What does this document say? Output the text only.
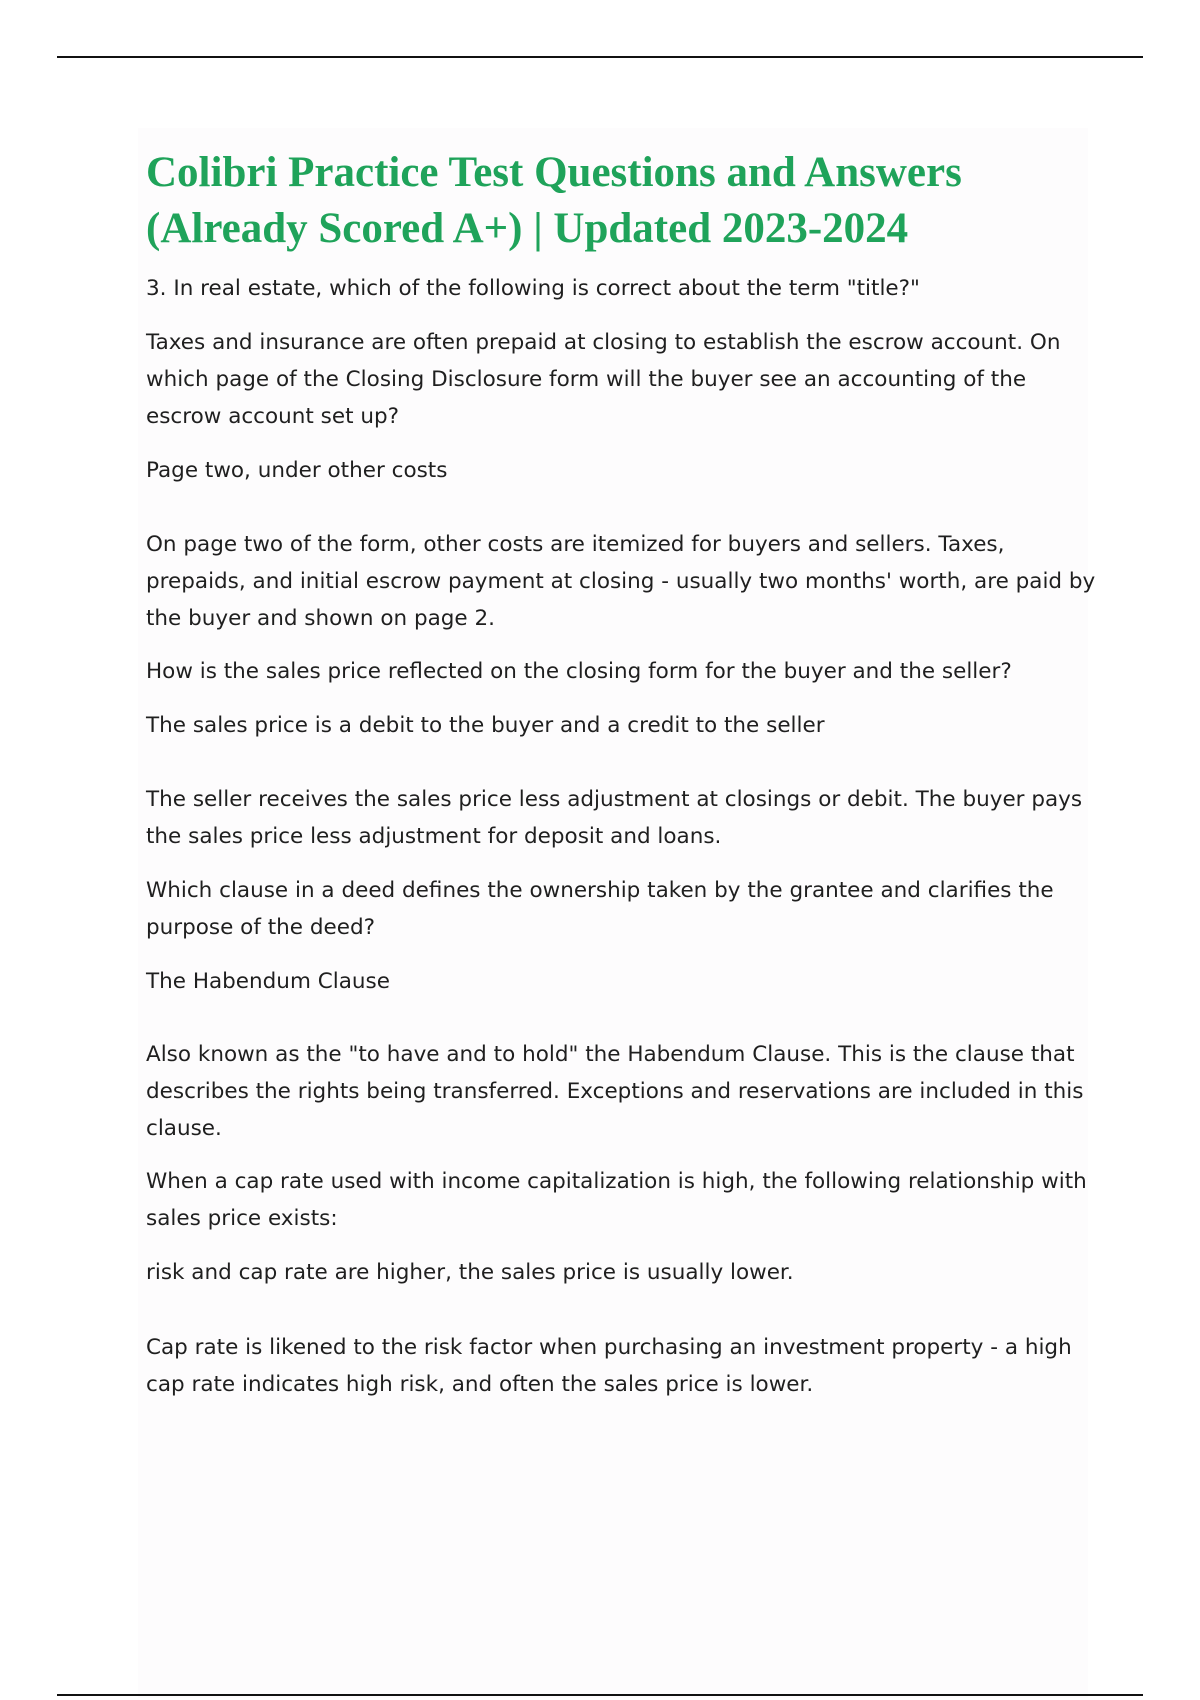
Colibri Practice Test Questions and Answers (Already Scored A+) | Updated 2023-2024

3. In real estate, which of the following is correct about the term "title?"

Taxes and insurance are often prepaid at closing to establish the escrow account. On which page of the Closing Disclosure form will the buyer see an accounting of the escrow account set up?

Page two, under other costs

On page two of the form, other costs are itemized for buyers and sellers. Taxes, prepaids, and initial escrow payment at closing - usually two months' worth, are paid by the buyer and shown on page 2.

How is the sales price reflected on the closing form for the buyer and the seller?

The sales price is a debit to the buyer and a credit to the seller

The seller receives the sales price less adjustment at closings or debit. The buyer pays the sales price less adjustment for deposit and loans.

Which clause in a deed defines the ownership taken by the grantee and clarifies the purpose of the deed?

The Habendum Clause

Also known as the "to have and to hold" the Habendum Clause. This is the clause that describes the rights being transferred. Exceptions and reservations are included in this clause.

When a cap rate used with income capitalization is high, the following relationship with sales price exists:

risk and cap rate are higher, the sales price is usually lower.

Cap rate is likened to the risk factor when purchasing an investment property - a high cap rate indicates high risk, and often the sales price is lower.
